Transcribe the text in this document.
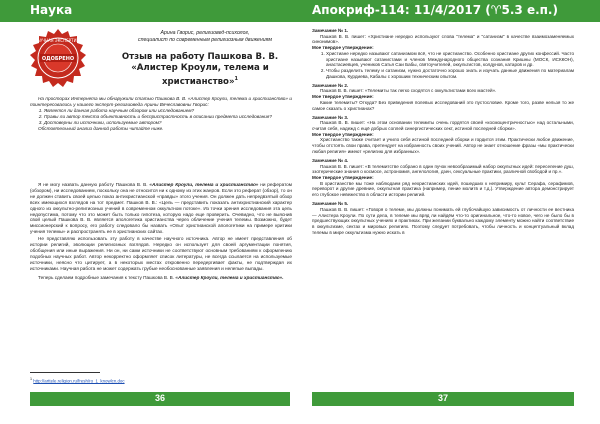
Наука	Апокриф-114: 11/4/2017 (♈5.3 е.п.)
НАУЧНАЯ ЭКСПЕРТИЗА
ОДОБРЕНО
Арина Гворис, религиовед-психолог,
специалист по современным религиозным движениям
Отзыв на работу Пашкова В. В. «Алистер Кроули, телема и христианство»$^1$

На просторах Интернета мы обнаружили статью Пашкова В. В. «Алистер Кроули, телема и христианство» и поинтересовались у нашего эксперт-религиоведа Арины Вячеславовны Гворис:

1. Является ли данная работа научным обзором или исследованием?
2. Правы ли автор текста объективность и беспристрастность в описании предмета исследования?
3. Достоверны ли источники, используемые автором?

Обстоятельный анализ данной работы читайте ниже.

Я не могу назвать данную работу Пашкова В. В. «Алистер Кроули, телема и христианство» ни рефератом (обзором), ни исследованием, поскольку она не относится ни к одному из этих жанров. Если это реферат (обзор), то он не должен ставить своей целью показ антихристианской «правды» этого учения. Он должен дать непредвзятый обзор всех имеющихся взглядов на тот предмет. Пашков В. В.: «Цель — представить показать антихристианский характер одного из оккультно-религиозных учений в современном оккультном потоке». Из точки зрения исследования эта цель недопустима, потому что это может быть только гипотеза, которую надо еще проверить. Очевидно, что не выяснив свой целый Пашкова В. В. является апологетика христианства через обличение учения телемы. Возможно, будет миссионерский к вопросу, его работу следовало бы назвать «Опыт христианской апологетики на примере критики учения телемы» и распространять ее в христианских сайтах.

Не представляю использовать эту работу в качестве научного источника. Автор не имеет представления об истории религий, эволюции религиозных взглядов. Нередко он использует для своей аргументации понятия, обобщения или иные выражения. Ни он, ни сами источники не соответствуют основным требованиям к оформлению подобных научных работ. Автор некорректно оформляет список литературы, не всегда ссылается на используемые источники, неясно что цитирует, а в некоторых местах откровенно передергивает факты, не подтверждая их источниками. Научная работа не может содержать грубые необоснованные заявления и нелепые выпады.

Теперь сделаем подробные замечания к тексту Пашкова В. В. «Алистер Кроули, телема и христианство».

$^1$ http://arttele.religion.ru/fresh/ro_1_knowlcn.doc
Замечание № 1.
Пашков В. В. пишет: «Христиане нередко используют слова "телема" и "сатанизм" в качестве взаимозаменяемых синонимов».
Мое твердое утверждение:
1. Христиане нередко называют сатанизмом всё, что не христианство. Особенно христиане других конфессий. Часто христиане называют сатанистами и членов Международного общества сознания Кришны (МОСК, ИСККОН), анастасиевцев, учеников Сатья Саи Бабы, святоучителей, оккультистов, колдунов, катаров и др.
2. Чтобы разделить телему и сатанизм, нужно достаточно хорошо знать и изучать данные движения по материалам Дашкова, Курдиева, Кабалы с хорошим техническим опытом.
Замечание № 2.
Пашков В. В. пишет: «Телемиты так легко сходятся с оккультистами всех мастей».
Мое твердое утверждение:
Какие телемиты? Откуда? Без приведения полевых исследований это пустословие. Кроме того, разве нельзя то же самое сказать о христианах?
Замечание № 3.
Пашков В. В. пишет: «На этом основании телемиты очень гордятся своей «космоцентричностью» над остальными, считая себя, надежд с ещё добрых соплей синергистических сект, истиной последней сборки».
Мое твердое утверждение:
Христианство также считает и учило себя истиной последней сборки и гордится этим. Практически любое движение, чтобы отстоять свои права, претендует на избранность своих учений. Автор не знает отношение фразы «мы практически любая религия» имеют «религию для избранных».
Замечание № 4.
Пашков В. В. пишет: «В телемитстве собрано в один пучок невообразимый набор оккультных идей: переселение душ, эзотерические знания о космосе, астрономия, ангелология, дзен, сексуальные практики, различной свободой и пр.».
Мое твердое утверждение:
В христианстве мы тоже наблюдаем ряд нехристианских идей, пошедших к непримиру, культ Серафа, серафимов, переворот и другие древние, оккультная практика (например, пение молитв и т.д.). Утверждение автора демонстрирует его глубокое невежество в области истории религий.
Замечание № 5.
Пашков В. В. пишет: «Говоря о телеме, мы должны понимать ей глубочайшую зависимость от личности ее вестника — Алистера Кроули. По сути дела, в телеме мы вряд ли найдём что-то оригинальное, что-то новое, чего не было бы в предшествующих оккультных учениях и практиках. При желании буквально каждому элементу можно найти соответствие в оккультизме, сектах и мировых религиях. Поэтому следует потребовать, чтобы личность и концептуальный вклад телемы в мире оккультизма нужно искать в
36	37
